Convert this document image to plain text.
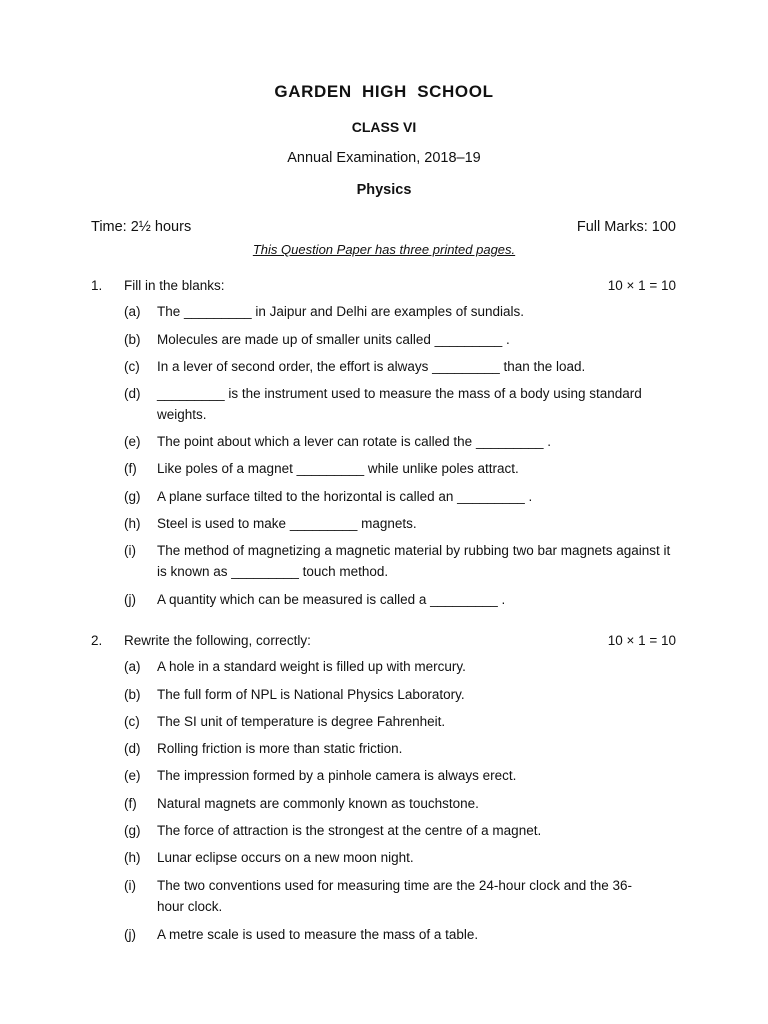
GARDEN HIGH SCHOOL
CLASS VI
Annual Examination, 2018–19
Physics
Time: 2½ hours	Full Marks: 100
This Question Paper has three printed pages.
1. Fill in the blanks:	10 × 1 = 10
(a) The _________ in Jaipur and Delhi are examples of sundials.
(b) Molecules are made up of smaller units called _________ .
(c) In a lever of second order, the effort is always _________ than the load.
(d) _________ is the instrument used to measure the mass of a body using standard weights.
(e) The point about which a lever can rotate is called the _________ .
(f) Like poles of a magnet _________ while unlike poles attract.
(g) A plane surface tilted to the horizontal is called an _________ .
(h) Steel is used to make _________ magnets.
(i) The method of magnetizing a magnetic material by rubbing two bar magnets against it is known as _________ touch method.
(j) A quantity which can be measured is called a _________ .
2. Rewrite the following, correctly:	10 × 1 = 10
(a) A hole in a standard weight is filled up with mercury.
(b) The full form of NPL is National Physics Laboratory.
(c) The SI unit of temperature is degree Fahrenheit.
(d) Rolling friction is more than static friction.
(e) The impression formed by a pinhole camera is always erect.
(f) Natural magnets are commonly known as touchstone.
(g) The force of attraction is the strongest at the centre of a magnet.
(h) Lunar eclipse occurs on a new moon night.
(i) The two conventions used for measuring time are the 24-hour clock and the 36-hour clock.
(j) A metre scale is used to measure the mass of a table.
